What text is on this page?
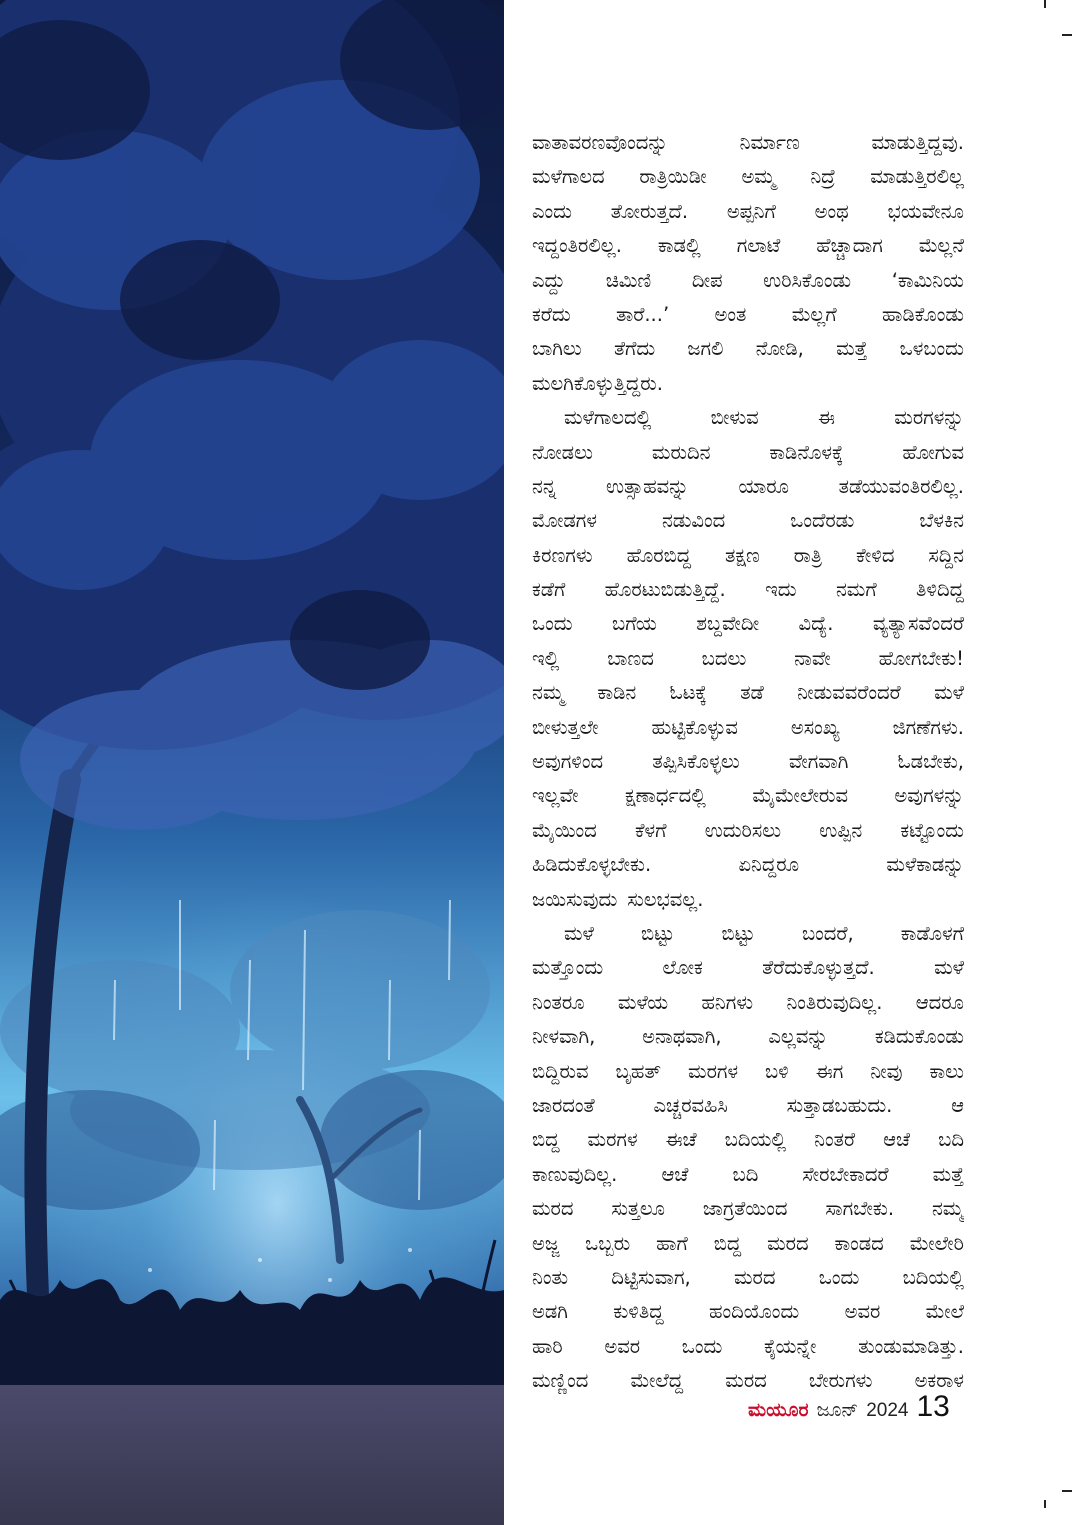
ವಾತಾವರಣವೊಂದನ್ನು	ನಿರ್ಮಾಣ	ಮಾಡುತ್ತಿದ್ದವು.
ಮಳೆಗಾಲದ ರಾತ್ರಿಯಿಡೀ ಅಮ್ಮ ನಿದ್ರೆ ಮಾಡುತ್ತಿರಲಿಲ್ಲ
ಎಂದು ತೋರುತ್ತದೆ. ಅಪ್ಪನಿಗೆ ಅಂಥ ಭಯವೇನೂ
ಇದ್ದಂತಿರಲಿಲ್ಲ. ಕಾಡಲ್ಲಿ ಗಲಾಟೆ ಹೆಚ್ಚಾದಾಗ ಮೆಲ್ಲನೆ
ಎದ್ದು ಚಿಮಿಣಿ ದೀಪ ಉರಿಸಿಕೊಂಡು ‘ಕಾಮಿನಿಯ
ಕರೆದು ತಾರೆ...’ ಅಂತ ಮೆಲ್ಲಗೆ ಹಾಡಿಕೊಂಡು
ಬಾಗಿಲು ತೆಗೆದು ಜಗಲಿ ನೋಡಿ, ಮತ್ತೆ ಒಳಬಂದು
ಮಲಗಿಕೊಳ್ಳುತ್ತಿದ್ದರು.
ಮಳೆಗಾಲದಲ್ಲಿ	ಬೀಳುವ	ಈ	ಮರಗಳನ್ನು
ನೋಡಲು	ಮರುದಿನ	ಕಾಡಿನೊಳಕ್ಕೆ	ಹೋಗುವ
ನನ್ನ	ಉತ್ಸಾಹವನ್ನು	ಯಾರೂ	ತಡೆಯುವಂತಿರಲಿಲ್ಲ.
ಮೋಡಗಳ	ನಡುವಿಂದ	ಒಂದೆರಡು	ಬೆಳಕಿನ
ಕಿರಣಗಳು ಹೊರಬಿದ್ದ ತಕ್ಷಣ ರಾತ್ರಿ ಕೇಳಿದ ಸದ್ದಿನ
ಕಡೆಗೆ ಹೊರಟುಬಿಡುತ್ತಿದ್ದೆ. ಇದು ನಮಗೆ ತಿಳಿದಿದ್ದ
ಒಂದು ಬಗೆಯ ಶಬ್ದವೇದೀ ವಿದ್ಯೆ. ವ್ಯತ್ಯಾಸವೆಂದರೆ
ಇಲ್ಲಿ ಬಾಣದ ಬದಲು ನಾವೇ ಹೋಗಬೇಕು!
ನಮ್ಮ ಕಾಡಿನ ಓಟಕ್ಕೆ ತಡೆ ನೀಡುವವರೆಂದರೆ ಮಳೆ
ಬೀಳುತ್ತಲೇ	ಹುಟ್ಟಿಕೊಳ್ಳುವ	ಅಸಂಖ್ಯ	ಜಿಗಣೆಗಳು.
ಅವುಗಳಿಂದ	ತಪ್ಪಿಸಿಕೊಳ್ಳಲು	ವೇಗವಾಗಿ	ಓಡಬೇಕು,
ಇಲ್ಲವೇ ಕ್ಷಣಾರ್ಧದಲ್ಲಿ ಮೈಮೇಲೇರುವ ಅವುಗಳನ್ನು
ಮೈಯಿಂದ ಕೆಳಗೆ ಉದುರಿಸಲು ಉಪ್ಪಿನ ಕಟ್ಟೊಂದು
ಹಿಡಿದುಕೊಳ್ಳಬೇಕು.	ಏನಿದ್ದರೂ	ಮಳೆಕಾಡನ್ನು
ಜಯಿಸುವುದು ಸುಲಭವಲ್ಲ.
ಮಳೆ ಬಿಟ್ಟು ಬಿಟ್ಟು ಬಂದರೆ, ಕಾಡೊಳಗೆ
ಮತ್ತೊಂದು	ಲೋಕ	ತೆರೆದುಕೊಳ್ಳುತ್ತದೆ.	ಮಳೆ
ನಿಂತರೂ ಮಳೆಯ ಹನಿಗಳು ನಿಂತಿರುವುದಿಲ್ಲ. ಆದರೂ
ನೀಳವಾಗಿ, ಅನಾಥವಾಗಿ, ಎಲ್ಲವನ್ನು ಕಡಿದುಕೊಂಡು
ಬಿದ್ದಿರುವ ಬೃಹತ್ ಮರಗಳ ಬಳಿ ಈಗ ನೀವು ಕಾಲು
ಜಾರದಂತೆ	ಎಚ್ಚರವಹಿಸಿ	ಸುತ್ತಾಡಬಹುದು.	ಆ
ಬಿದ್ದ ಮರಗಳ ಈಚೆ ಬದಿಯಲ್ಲಿ ನಿಂತರೆ ಆಚೆ ಬದಿ
ಕಾಣುವುದಿಲ್ಲ. ಆಚೆ ಬದಿ ಸೇರಬೇಕಾದರೆ ಮತ್ತೆ
ಮರದ ಸುತ್ತಲೂ ಜಾಗ್ರತೆಯಿಂದ ಸಾಗಬೇಕು. ನಮ್ಮ
ಅಜ್ಜ ಒಬ್ಬರು ಹಾಗೆ ಬಿದ್ದ ಮರದ ಕಾಂಡದ ಮೇಲೇರಿ
ನಿಂತು ದಿಟ್ಟಿಸುವಾಗ, ಮರದ ಒಂದು ಬದಿಯಲ್ಲಿ
ಅಡಗಿ ಕುಳಿತಿದ್ದ ಹಂದಿಯೊಂದು ಅವರ ಮೇಲೆ
ಹಾರಿ ಅವರ ಒಂದು ಕೈಯನ್ನೇ ತುಂಡುಮಾಡಿತ್ತು.
ಮಣ್ಣಿಂದ ಮೇಲೆದ್ದ ಮರದ ಬೇರುಗಳು ಅಕರಾಳ
ಮಯೂರ ಜೂನ್ 2024 13
